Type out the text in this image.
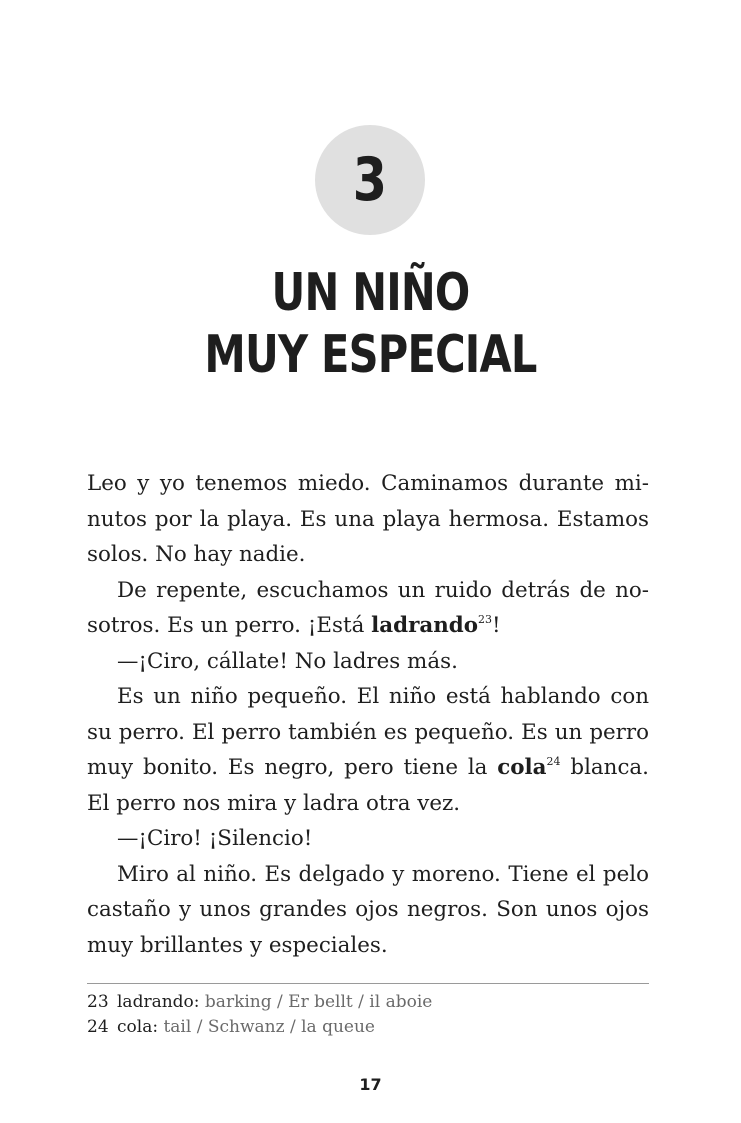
3
UN NIÑO
MUY ESPECIAL

Leo y yo tenemos miedo. Caminamos durante minutos por la playa. Es una playa hermosa. Estamos solos. No hay nadie.

De repente, escuchamos un ruido detrás de nosotros. Es un perro. ¡Está ladrando$^{23}$!

—¡Ciro, cállate! No ladres más.

Es un niño pequeño. El niño está hablando con su perro. El perro también es pequeño. Es un perro muy bonito. Es negro, pero tiene la cola$^{24}$ blanca. El perro nos mira y ladra otra vez.

—¡Ciro! ¡Silencio!

Miro al niño. Es delgado y moreno. Tiene el pelo castaño y unos grandes ojos negros. Son unos ojos muy brillantes y especiales.

23 ladrando: barking / Er bellt / il aboie
24 cola: tail / Schwanz / la queue
17
